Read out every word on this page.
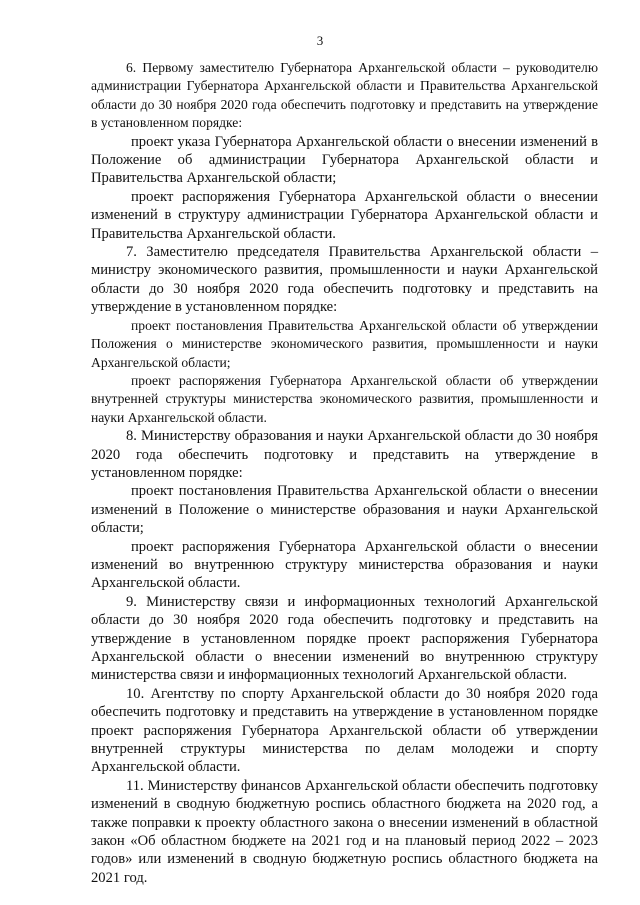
3

6. Первому заместителю Губернатора Архангельской области – руководителю администрации Губернатора Архангельской области и Правительства Архангельской области до 30 ноября 2020 года обеспечить подготовку и представить на утверждение в установленном порядке:

проект указа Губернатора Архангельской области о внесении изменений в Положение об администрации Губернатора Архангельской области и Правительства Архангельской области;

проект распоряжения Губернатора Архангельской области о внесении изменений в структуру администрации Губернатора Архангельской области и Правительства Архангельской области.

7. Заместителю председателя Правительства Архангельской области – министру экономического развития, промышленности и науки Архангельской области до 30 ноября 2020 года обеспечить подготовку и представить на утверждение в установленном порядке:

проект постановления Правительства Архангельской области об утверждении Положения о министерстве экономического развития, промышленности и науки Архангельской области;

проект распоряжения Губернатора Архангельской области об утверждении внутренней структуры министерства экономического развития, промышленности и науки Архангельской области.

8. Министерству образования и науки Архангельской области до 30 ноября 2020 года обеспечить подготовку и представить на утверждение в установленном порядке:

проект постановления Правительства Архангельской области о внесении изменений в Положение о министерстве образования и науки Архангельской области;

проект распоряжения Губернатора Архангельской области о внесении изменений во внутреннюю структуру министерства образования и науки Архангельской области.

9. Министерству связи и информационных технологий Архангельской области до 30 ноября 2020 года обеспечить подготовку и представить на утверждение в установленном порядке проект распоряжения Губернатора Архангельской области о внесении изменений во внутреннюю структуру министерства связи и информационных технологий Архангельской области.

10. Агентству по спорту Архангельской области до 30 ноября 2020 года обеспечить подготовку и представить на утверждение в установленном порядке проект распоряжения Губернатора Архангельской области об утверждении внутренней структуры министерства по делам молодежи и спорту Архангельской области.

11. Министерству финансов Архангельской области обеспечить подготовку изменений в сводную бюджетную роспись областного бюджета на 2020 год, а также поправки к проекту областного закона о внесении изменений в областной закон «Об областном бюджете на 2021 год и на плановый период 2022 – 2023 годов» или изменений в сводную бюджетную роспись областного бюджета на 2021 год.
